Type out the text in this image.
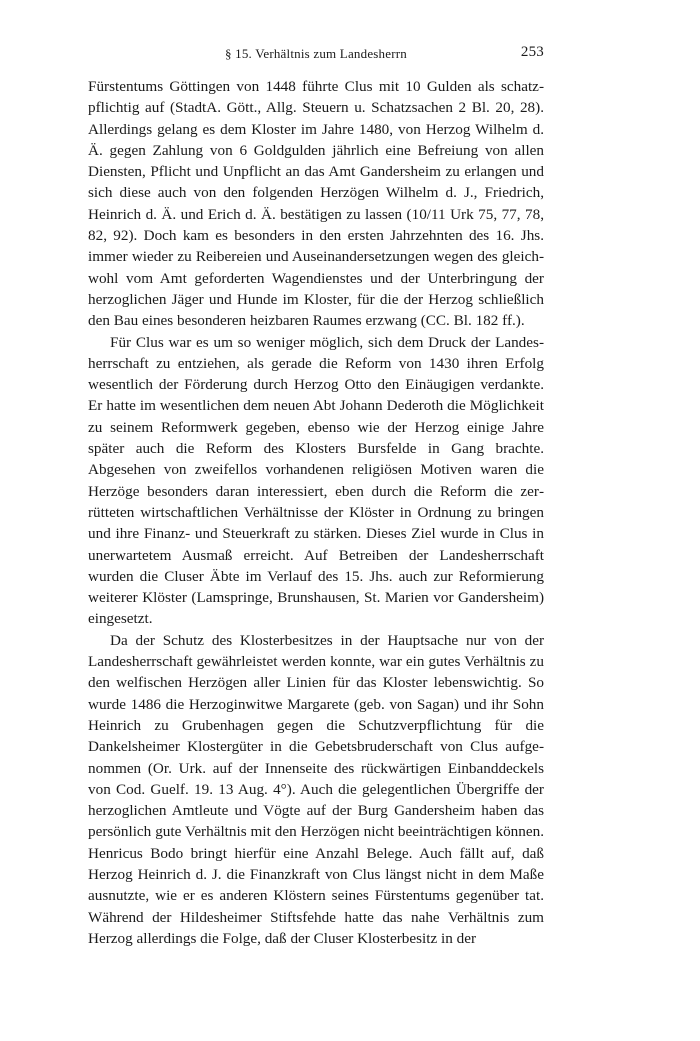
§ 15. Verhältnis zum Landesherrn	253

Fürstentums Göttingen von 1448 führte Clus mit 10 Gulden als schatzpflichtig auf (StadtA. Gött., Allg. Steuern u. Schatzsachen 2 Bl. 20, 28). Allerdings gelang es dem Kloster im Jahre 1480, von Herzog Wilhelm d. Ä. gegen Zahlung von 6 Goldgulden jährlich eine Befreiung von allen Diensten, Pflicht und Unpflicht an das Amt Gandersheim zu erlangen und sich diese auch von den folgenden Herzögen Wilhelm d. J., Friedrich, Heinrich d. Ä. und Erich d. Ä. bestätigen zu lassen (10/11 Urk 75, 77, 78, 82, 92). Doch kam es besonders in den ersten Jahrzehnten des 16. Jhs. immer wieder zu Reibereien und Auseinandersetzungen wegen des gleichwohl vom Amt geforderten Wagendienstes und der Unterbringung der herzoglichen Jäger und Hunde im Kloster, für die der Herzog schließlich den Bau eines besonderen heizbaren Raumes erzwang (CC. Bl. 182 ff.).

Für Clus war es um so weniger möglich, sich dem Druck der Landesherrschaft zu entziehen, als gerade die Reform von 1430 ihren Erfolg wesentlich der Förderung durch Herzog Otto den Einäugigen verdankte. Er hatte im wesentlichen dem neuen Abt Johann Dederoth die Möglichkeit zu seinem Reformwerk gegeben, ebenso wie der Herzog einige Jahre später auch die Reform des Klosters Bursfelde in Gang brachte. Abgesehen von zweifellos vorhandenen religiösen Motiven waren die Herzöge besonders daran interessiert, eben durch die Reform die zerrütteten wirtschaftlichen Verhältnisse der Klöster in Ordnung zu bringen und ihre Finanz- und Steuerkraft zu stärken. Dieses Ziel wurde in Clus in unerwartetem Ausmaß erreicht. Auf Betreiben der Landesherrschaft wurden die Cluser Äbte im Verlauf des 15. Jhs. auch zur Reformierung weiterer Klöster (Lamspringe, Brunshausen, St. Marien vor Gandersheim) eingesetzt.

Da der Schutz des Klosterbesitzes in der Hauptsache nur von der Landesherrschaft gewährleistet werden konnte, war ein gutes Verhältnis zu den welfischen Herzögen aller Linien für das Kloster lebenswichtig. So wurde 1486 die Herzoginwitwe Margarete (geb. von Sagan) und ihr Sohn Heinrich zu Grubenhagen gegen die Schutzverpflichtung für die Dankelsheimer Klostergüter in die Gebetsbruderschaft von Clus aufgenommen (Or. Urk. auf der Innenseite des rückwärtigen Einbanddeckels von Cod. Guelf. 19. 13 Aug. 4°). Auch die gelegentlichen Übergriffe der herzoglichen Amtleute und Vögte auf der Burg Gandersheim haben das persönlich gute Verhältnis mit den Herzögen nicht beeinträchtigen können. Henricus Bodo bringt hierfür eine Anzahl Belege. Auch fällt auf, daß Herzog Heinrich d. J. die Finanzkraft von Clus längst nicht in dem Maße ausnutzte, wie er es anderen Klöstern seines Fürstentums gegenüber tat. Während der Hildesheimer Stiftsfehde hatte das nahe Verhältnis zum Herzog allerdings die Folge, daß der Cluser Klosterbesitz in der
